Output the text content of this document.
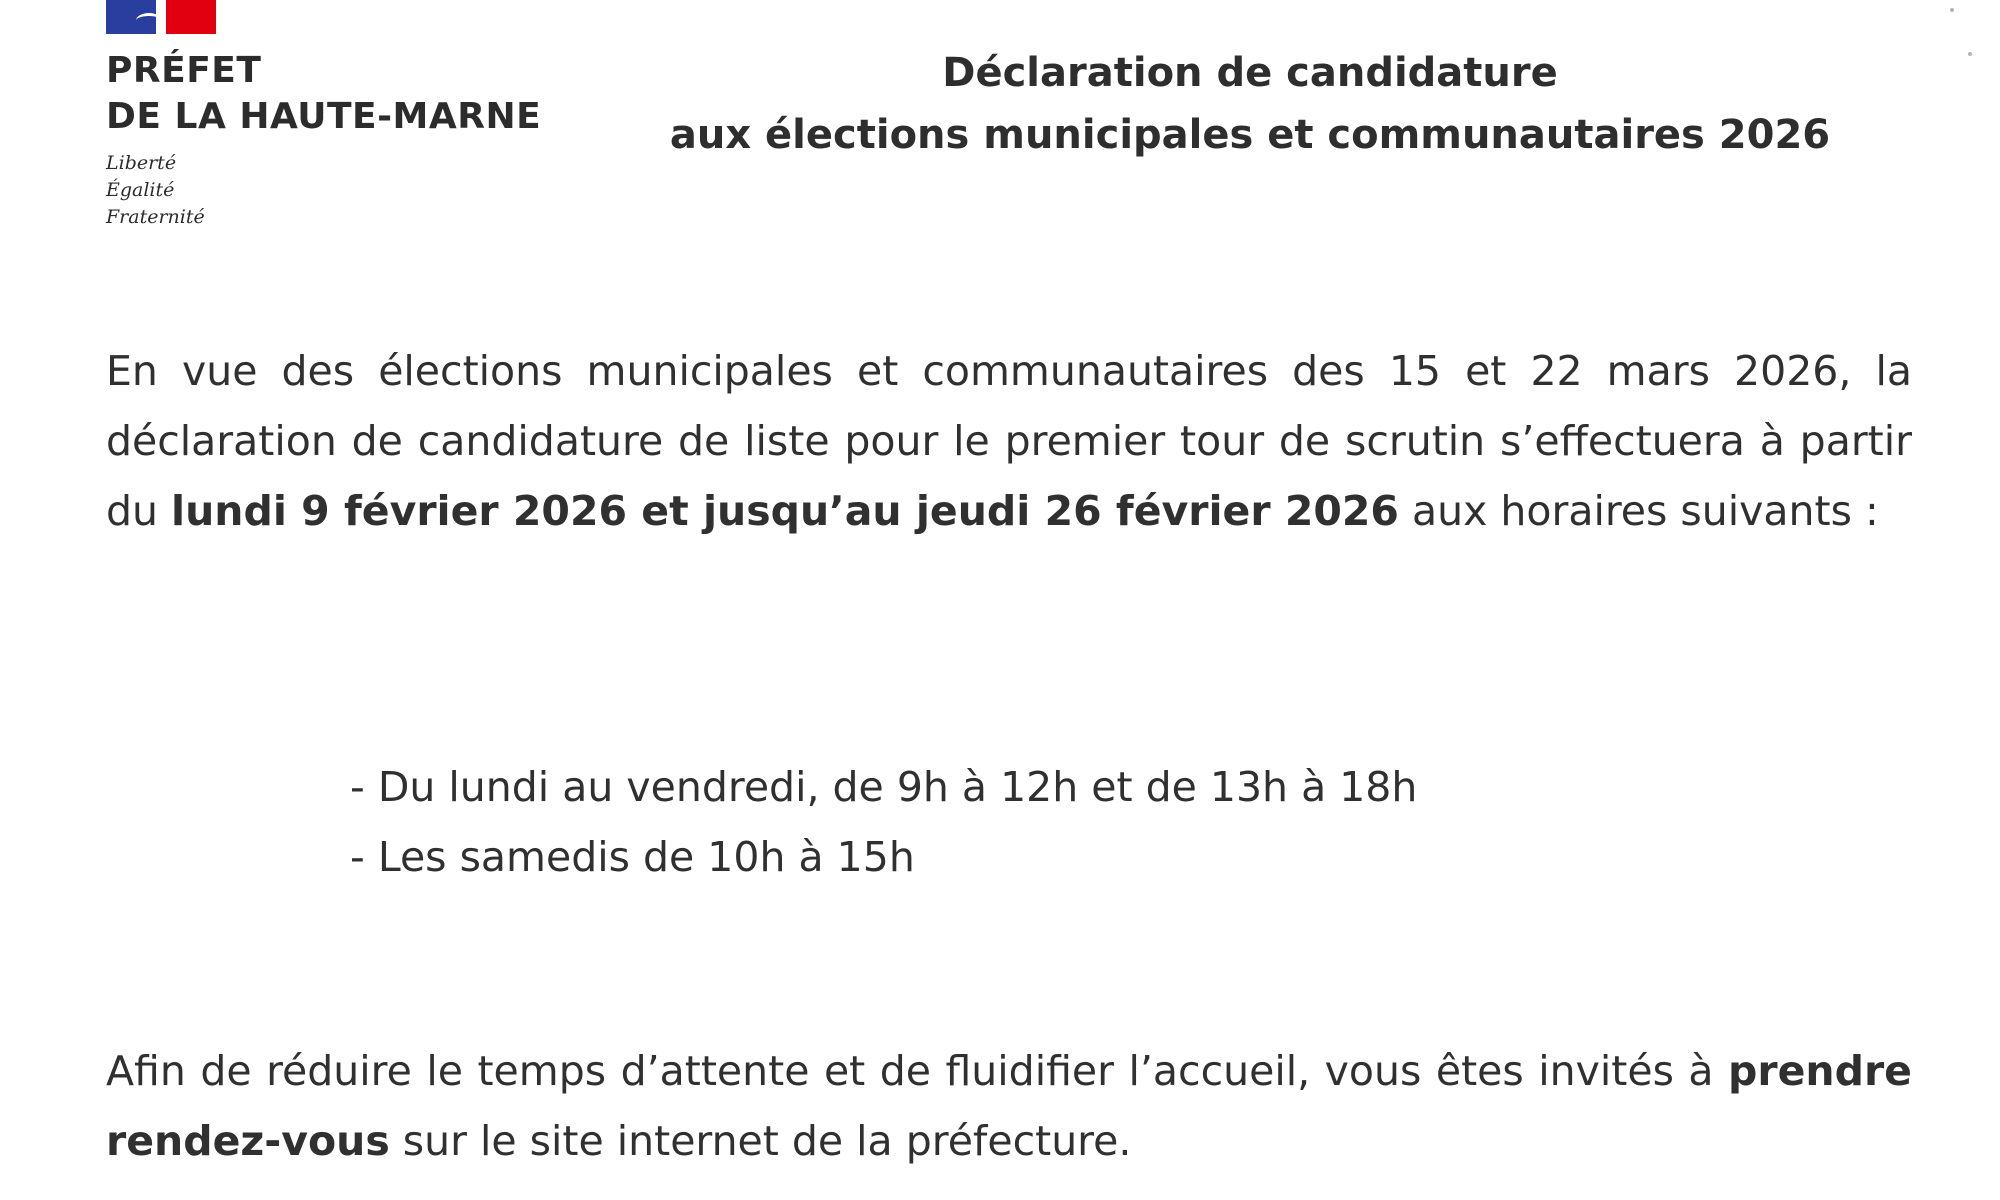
PRÉFET
DE LA HAUTE-MARNE
Liberté
Égalité
Fraternité
Déclaration de candidature
aux élections municipales et communautaires 2026
En vue des élections municipales et communautaires des 15 et 22 mars 2026, la déclaration de candidature de liste pour le premier tour de scrutin s’effectuera à partir du lundi 9 février 2026 et jusqu’au jeudi 26 février 2026 aux horaires suivants :
- Du lundi au vendredi, de 9h à 12h et de 13h à 18h
- Les samedis de 10h à 15h
Afin de réduire le temps d’attente et de fluidifier l’accueil, vous êtes invités à prendre rendez-vous sur le site internet de la préfecture.
